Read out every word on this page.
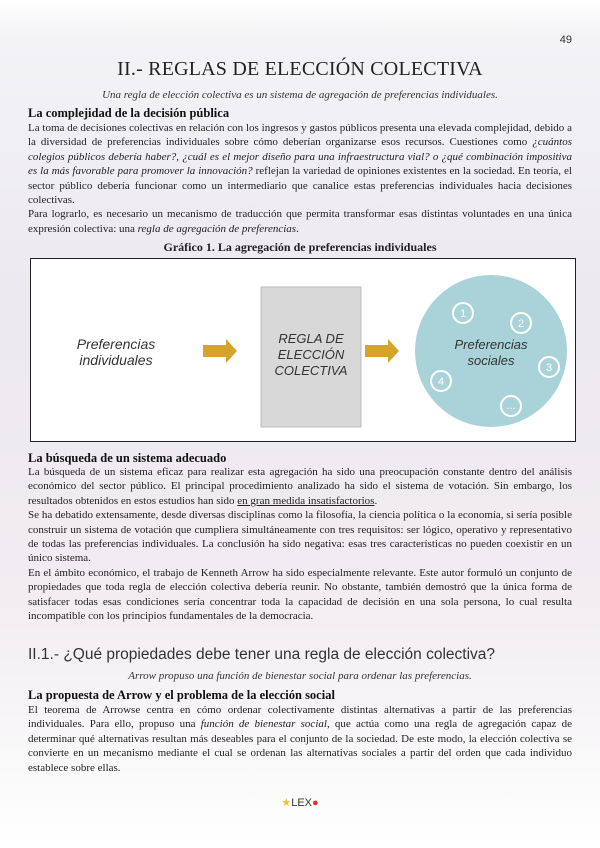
49
II.- REGLAS DE ELECCIÓN COLECTIVA
Una regla de elección colectiva es un sistema de agregación de preferencias individuales.
La complejidad de la decisión pública

La toma de decisiones colectivas en relación con los ingresos y gastos públicos presenta una elevada complejidad, debido a la diversidad de preferencias individuales sobre cómo deberían organizarse esos recursos. Cuestiones como ¿cuántos colegios públicos debería haber?, ¿cuál es el mejor diseño para una infraestructura vial? o ¿qué combinación impositiva es la más favorable para promover la innovación? reflejan la variedad de opiniones existentes en la sociedad. En teoría, el sector público debería funcionar como un intermediario que canalice estas preferencias individuales hacia decisiones colectivas.

Para lograrlo, es necesario un mecanismo de traducción que permita transformar esas distintas voluntades en una única expresión colectiva: una regla de agregación de preferencias.

Gráfico 1. La agregación de preferencias individuales
Preferencias
individuales
REGLA DE
ELECCIÓN
COLECTIVA
Preferencias
sociales
1
2
3
...
4
La búsqueda de un sistema adecuado

La búsqueda de un sistema eficaz para realizar esta agregación ha sido una preocupación constante dentro del análisis económico del sector público. El principal procedimiento analizado ha sido el sistema de votación. Sin embargo, los resultados obtenidos en estos estudios han sido en gran medida insatisfactorios.

Se ha debatido extensamente, desde diversas disciplinas como la filosofía, la ciencia política o la economía, si sería posible construir un sistema de votación que cumpliera simultáneamente con tres requisitos: ser lógico, operativo y representativo de todas las preferencias individuales. La conclusión ha sido negativa: esas tres características no pueden coexistir en un único sistema.

En el ámbito económico, el trabajo de Kenneth Arrow ha sido especialmente relevante. Este autor formuló un conjunto de propiedades que toda regla de elección colectiva debería reunir. No obstante, también demostró que la única forma de satisfacer todas esas condiciones sería concentrar toda la capacidad de decisión en una sola persona, lo cual resulta incompatible con los principios fundamentales de la democracia.

II.1.- ¿Qué propiedades debe tener una regla de elección colectiva?
Arrow propuso una función de bienestar social para ordenar las preferencias.
La propuesta de Arrow y el problema de la elección social

El teorema de Arrowse centra en cómo ordenar colectivamente distintas alternativas a partir de las preferencias individuales. Para ello, propuso una función de bienestar social, que actúa como una regla de agregación capaz de determinar qué alternativas resultan más deseables para el conjunto de la sociedad. De este modo, la elección colectiva se convierte en un mecanismo mediante el cual se ordenan las alternativas sociales a partir del orden que cada individuo establece sobre ellas.

★LEX●
